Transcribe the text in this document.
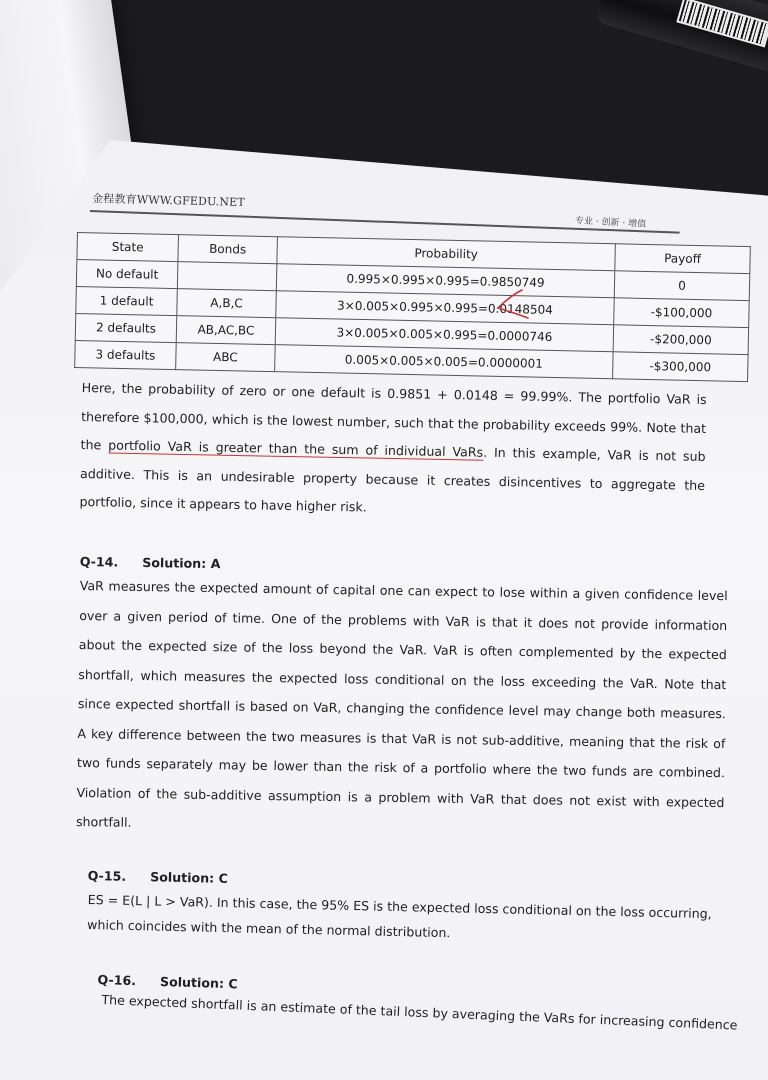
金程教育WWW.GFEDU.NET
专业 · 创新 · 增值
State	Bonds	Probability	Payoff
No default		0.995×0.995×0.995=0.9850749	0
1 default	A,B,C	3×0.005×0.995×0.995=0.0148504	-$100,000
2 defaults	AB,AC,BC	3×0.005×0.005×0.995=0.0000746	-$200,000
3 defaults	ABC	0.005×0.005×0.005=0.0000001	-$300,000
Here, the probability of zero or one default is 0.9851 + 0.0148 = 99.99%. The portfolio VaR is therefore $100,000, which is the lowest number, such that the probability exceeds 99%. Note that the portfolio VaR is greater than the sum of individual VaRs. In this example, VaR is not sub additive. This is an undesirable property because it creates disincentives to aggregate the portfolio, since it appears to have higher risk.
Q-14. Solution: A
VaR measures the expected amount of capital one can expect to lose within a given confidence level over a given period of time. One of the problems with VaR is that it does not provide information about the expected size of the loss beyond the VaR. VaR is often complemented by the expected shortfall, which measures the expected loss conditional on the loss exceeding the VaR. Note that since expected shortfall is based on VaR, changing the confidence level may change both measures. A key difference between the two measures is that VaR is not sub-additive, meaning that the risk of two funds separately may be lower than the risk of a portfolio where the two funds are combined. Violation of the sub-additive assumption is a problem with VaR that does not exist with expected shortfall.
Q-15. Solution: C
ES = E(L | L > VaR). In this case, the 95% ES is the expected loss conditional on the loss occurring, which coincides with the mean of the normal distribution.
Q-16. Solution: C
The expected shortfall is an estimate of the tail loss by averaging the VaRs for increasing confidence
